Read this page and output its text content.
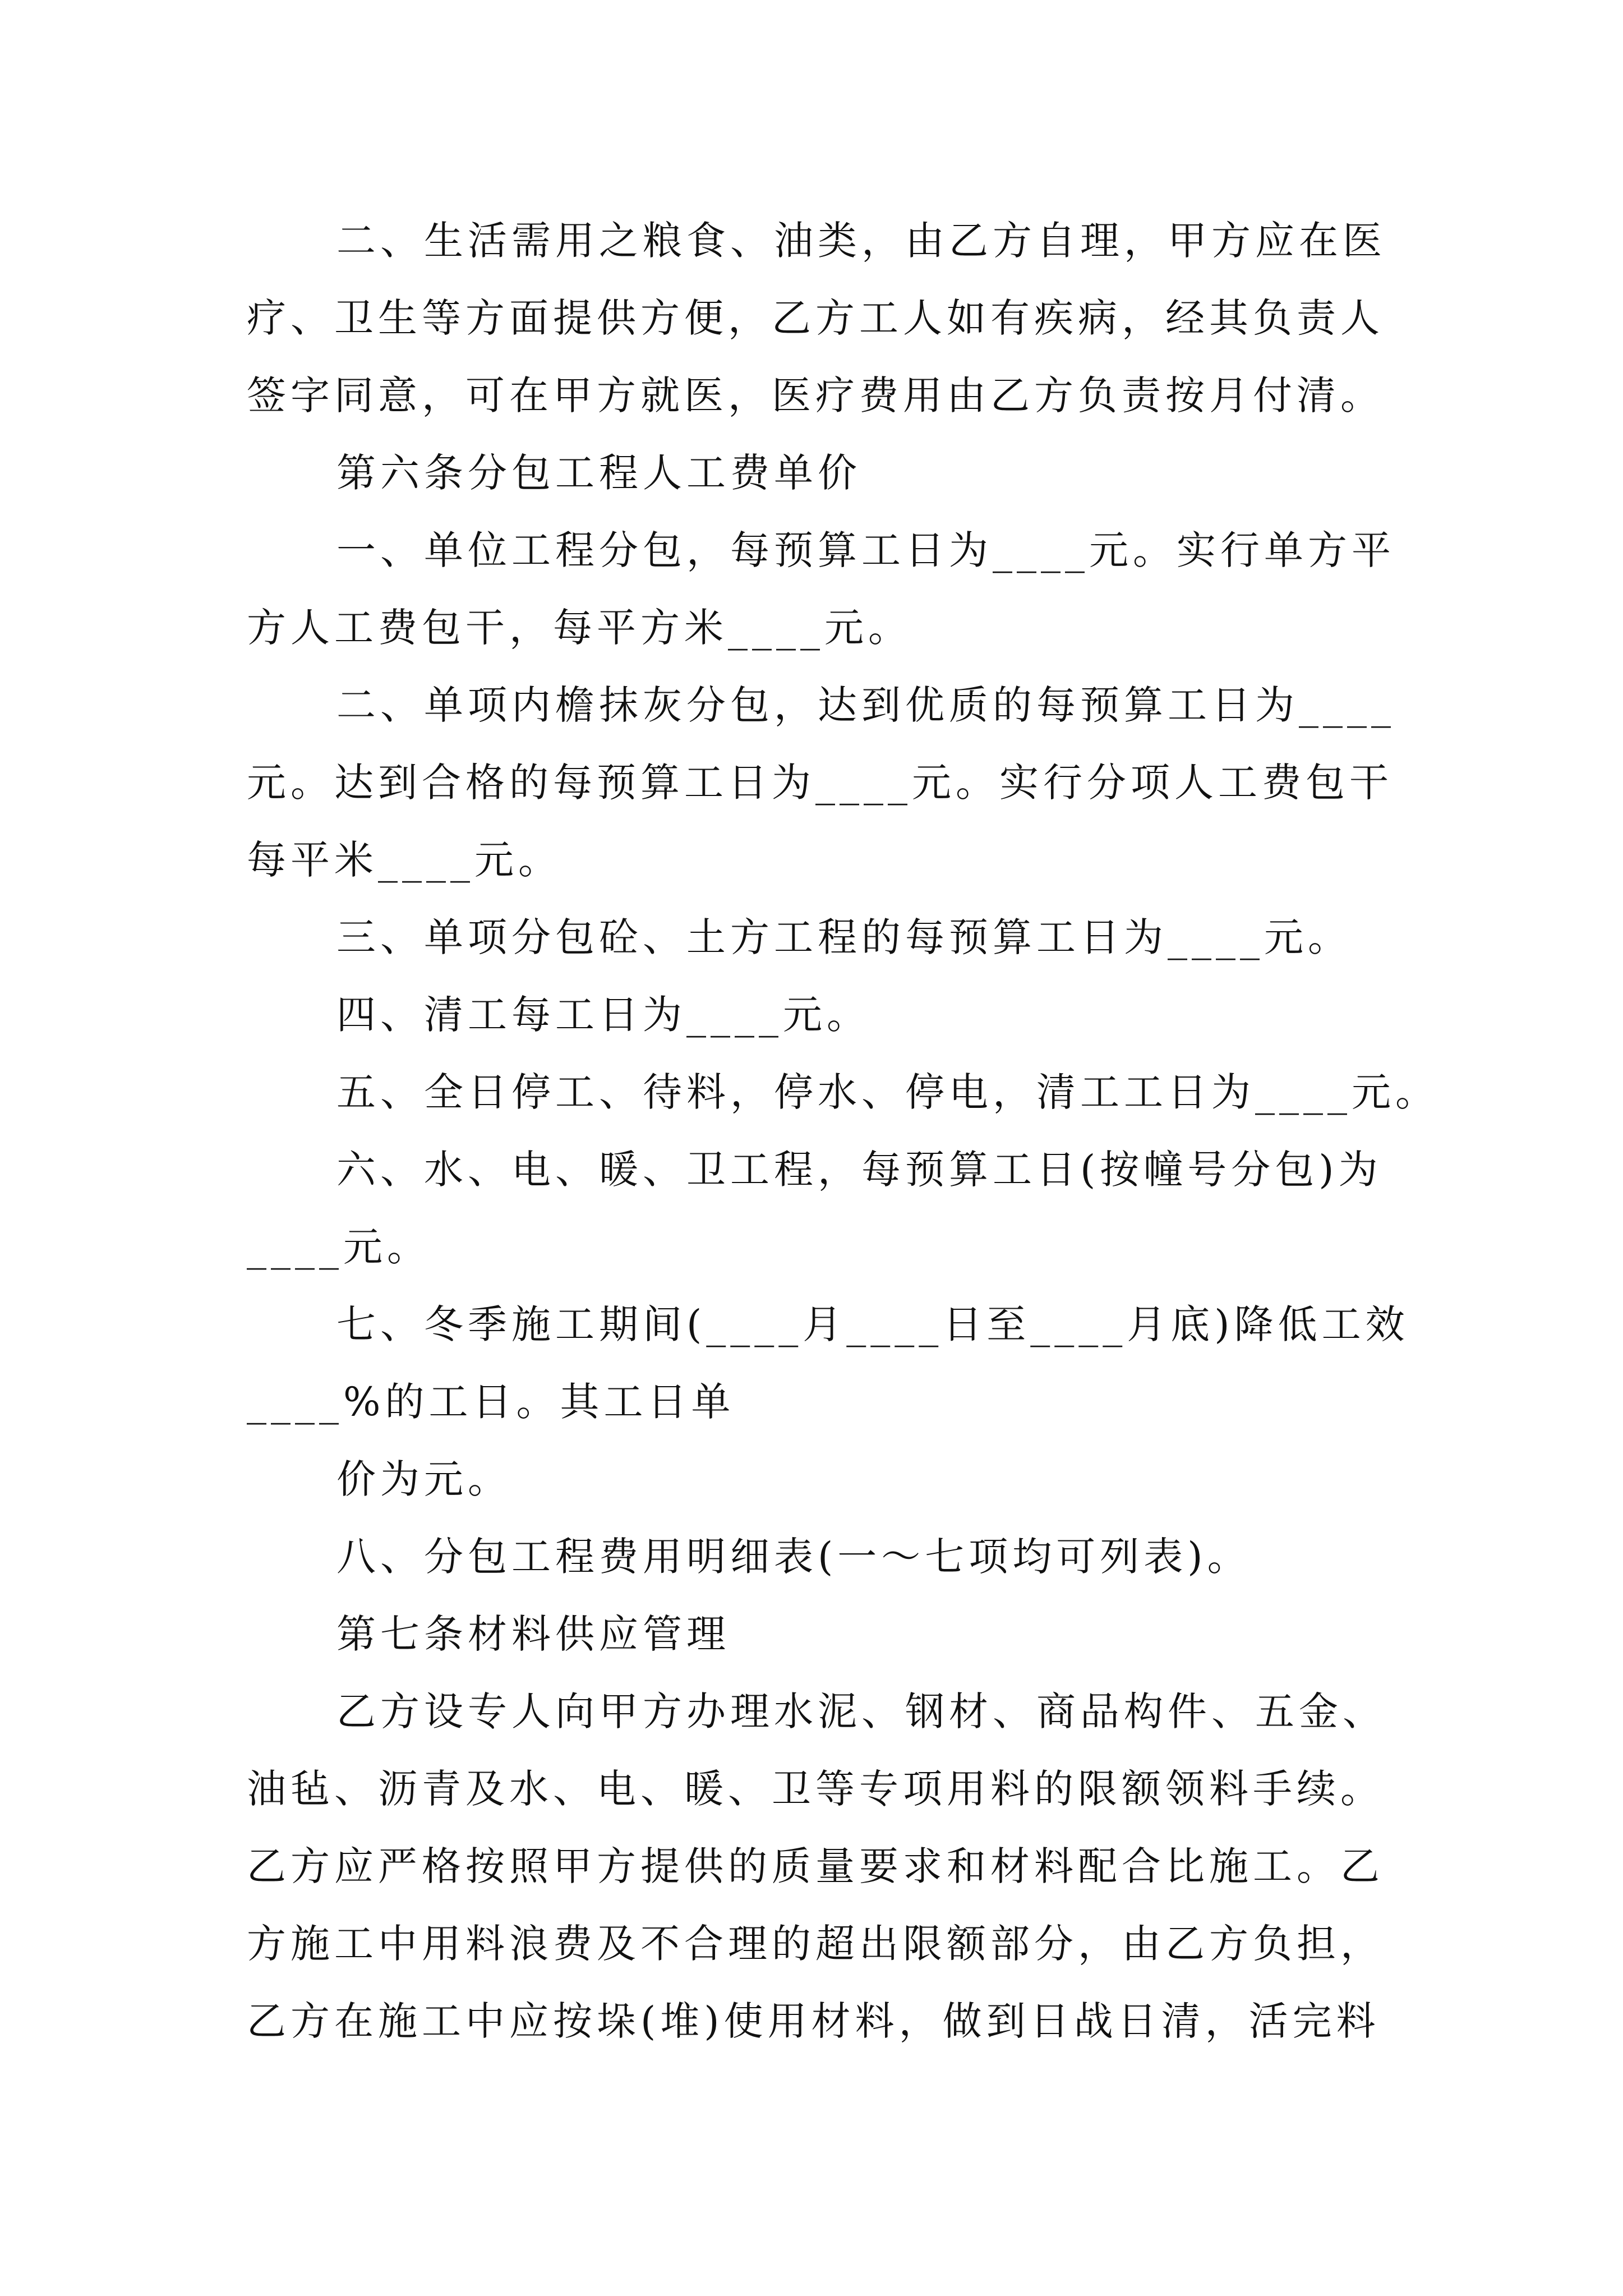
二、生活需用之粮食、油类，由乙方自理，甲方应在医
疗、卫生等方面提供方便，乙方工人如有疾病，经其负责人
签字同意，可在甲方就医，医疗费用由乙方负责按月付清。
第六条分包工程人工费单价
一、单位工程分包，每预算工日为____元。实行单方平
方人工费包干，每平方米____元。
二、单项内檐抹灰分包，达到优质的每预算工日为____
元。达到合格的每预算工日为____元。实行分项人工费包干
每平米____元。
三、单项分包砼、土方工程的每预算工日为____元。
四、清工每工日为____元。
五、全日停工、待料，停水、停电，清工工日为____元。
六、水、电、暖、卫工程，每预算工日(按幢号分包)为
____元。
七、冬季施工期间(____月____日至____月底)降低工效
____%的工日。其工日单
价为元。
八、分包工程费用明细表(一～七项均可列表)。
第七条材料供应管理
乙方设专人向甲方办理水泥、钢材、商品构件、五金、
油毡、沥青及水、电、暖、卫等专项用料的限额领料手续。
乙方应严格按照甲方提供的质量要求和材料配合比施工。乙
方施工中用料浪费及不合理的超出限额部分，由乙方负担，
乙方在施工中应按垛(堆)使用材料，做到日战日清，活完料
